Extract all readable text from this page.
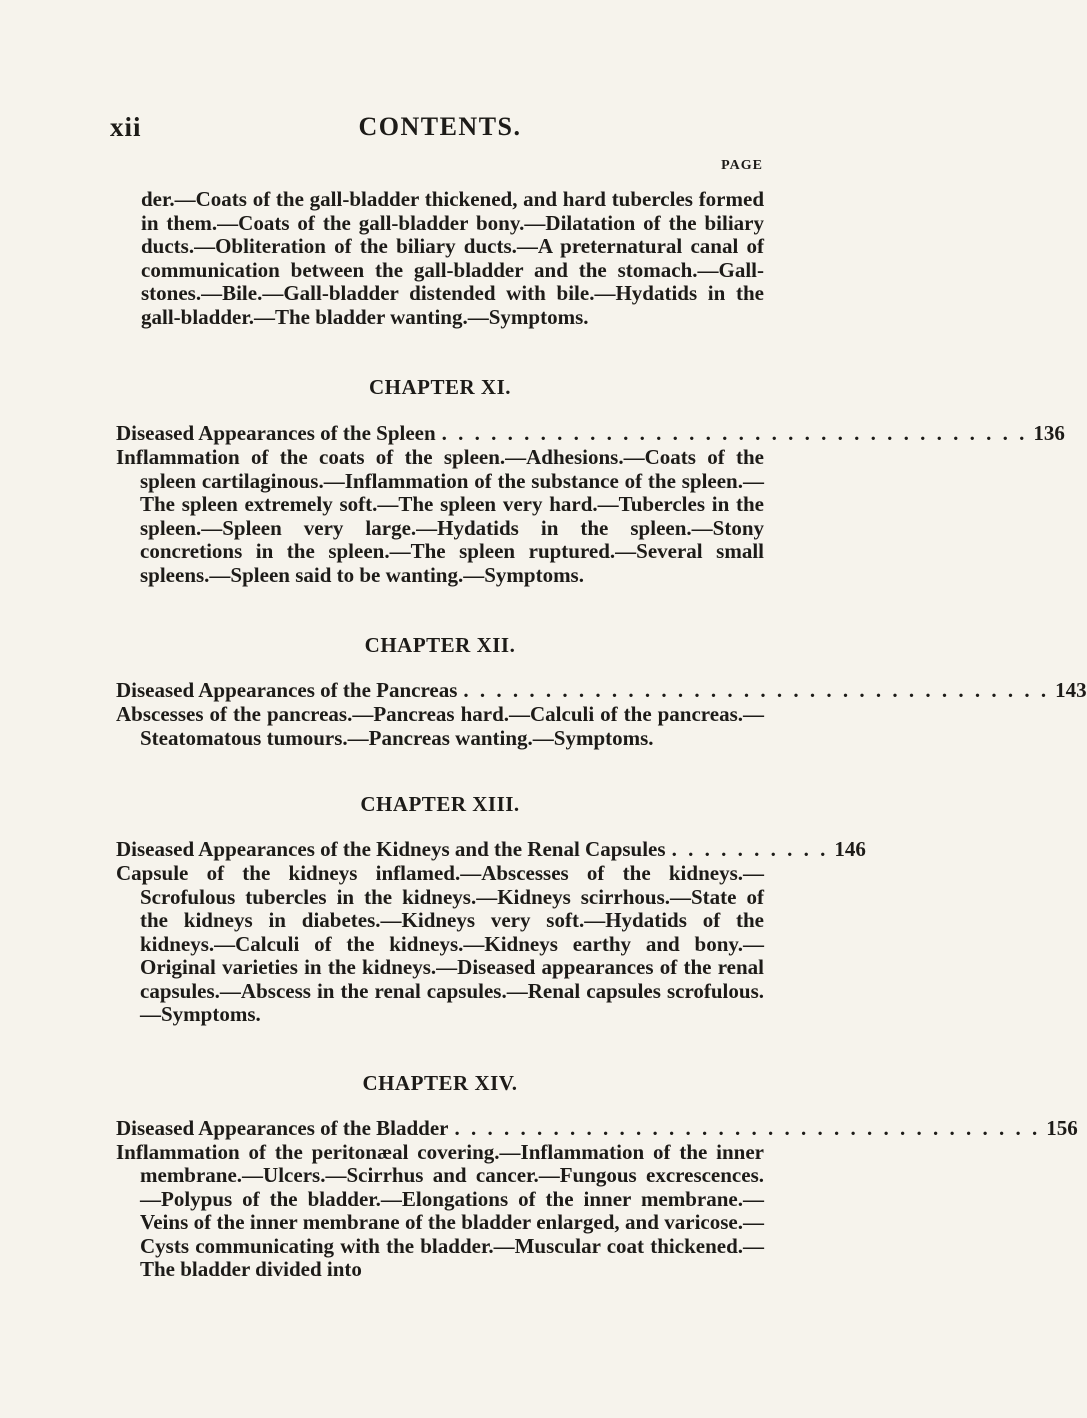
xii	CONTENTS.
PAGE

der.—Coats of the gall-bladder thickened, and hard tubercles formed in them.—Coats of the gall-bladder bony.—Dilatation of the biliary ducts.—Obliteration of the biliary ducts.—A preternatural canal of communication between the gall-bladder and the stomach.—Gall-stones.—Bile.—Gall-bladder distended with bile.—Hydatids in the gall-bladder.—The bladder wanting.—Symptoms.

CHAPTER XI.
Diseased Appearances of the Spleen . . . . . . . . . . . . . . . . . . . . . . . . . . . . . . . . . . . . 136

Inflammation of the coats of the spleen.—Adhesions.—Coats of the spleen cartilaginous.—Inflammation of the substance of the spleen.—The spleen extremely soft.—The spleen very hard.—Tubercles in the spleen.—Spleen very large.—Hydatids in the spleen.—Stony concretions in the spleen.—The spleen ruptured.—Several small spleens.—Spleen said to be wanting.—Symptoms.

CHAPTER XII.
Diseased Appearances of the Pancreas . . . . . . . . . . . . . . . . . . . . . . . . . . . . . . . . . . . . 143

Abscesses of the pancreas.—Pancreas hard.—Calculi of the pancreas.—Steatomatous tumours.—Pancreas wanting.—Symptoms.

CHAPTER XIII.
Diseased Appearances of the Kidneys and the Renal Capsules . . . . . . . . . . 146

Capsule of the kidneys inflamed.—Abscesses of the kidneys.—Scrofulous tubercles in the kidneys.—Kidneys scirrhous.—State of the kidneys in diabetes.—Kidneys very soft.—Hydatids of the kidneys.—Calculi of the kidneys.—Kidneys earthy and bony.—Original varieties in the kidneys.—Diseased appearances of the renal capsules.—Abscess in the renal capsules.—Renal capsules scrofulous.—Symptoms.

CHAPTER XIV.
Diseased Appearances of the Bladder . . . . . . . . . . . . . . . . . . . . . . . . . . . . . . . . . . . . 156

Inflammation of the peritonæal covering.—Inflammation of the inner membrane.—Ulcers.—Scirrhus and cancer.—Fungous excrescences.—Polypus of the bladder.—Elongations of the inner membrane.—Veins of the inner membrane of the bladder enlarged, and varicose.—Cysts communicating with the bladder.—Muscular coat thickened.—The bladder divided into
